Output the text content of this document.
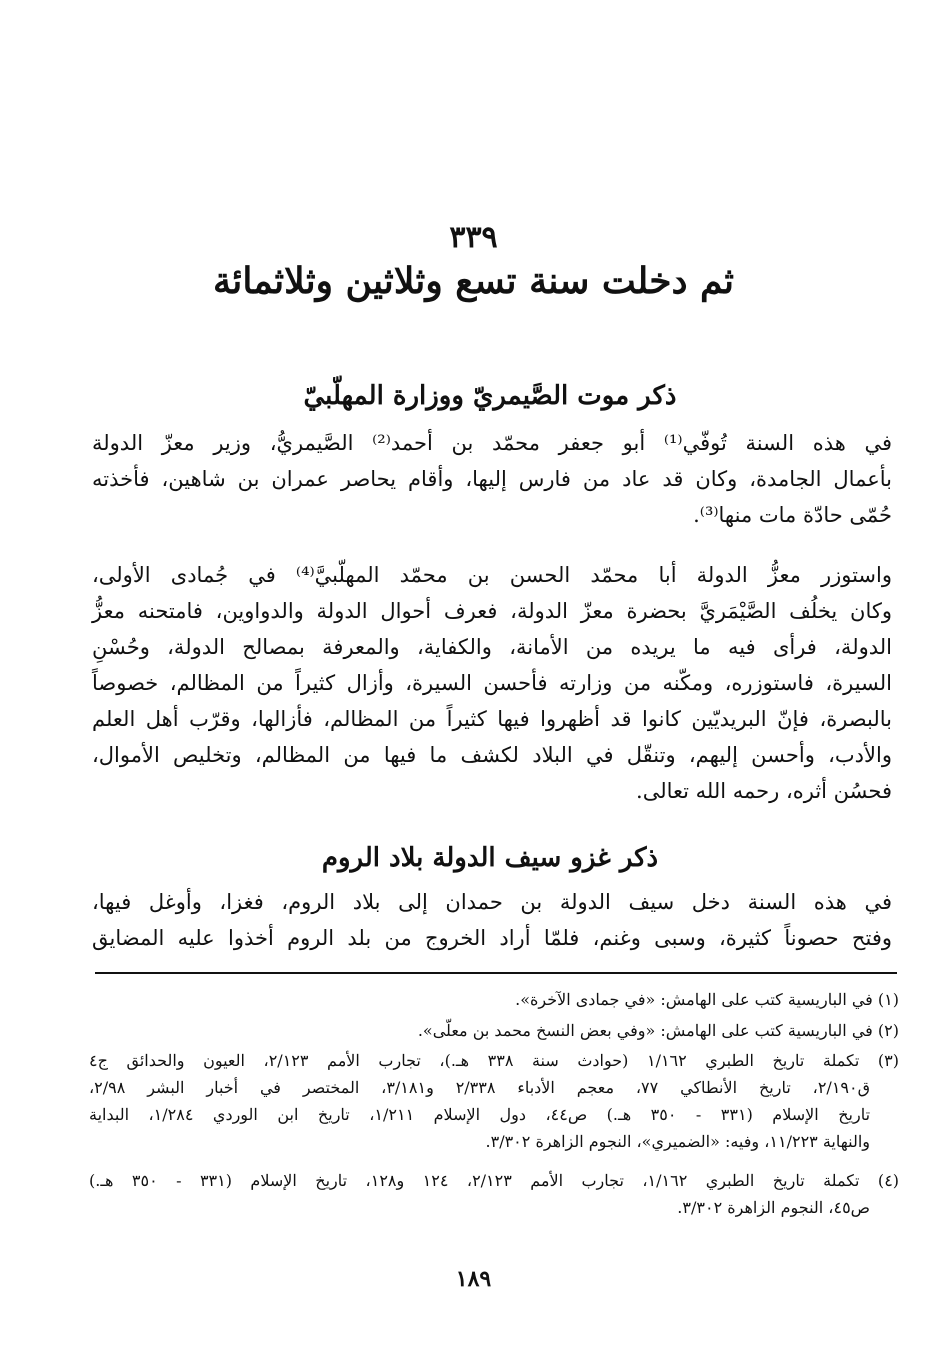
٣٣٩
ثم دخلت سنة تسع وثلاثين وثلاثمائة
ذكر موت الصَّيمريّ ووزارة المهلّبيّ
في هذه السنة تُوفّي⁽¹⁾ أبو جعفر محمّد بن أحمد⁽²⁾ الصَّيمريُّ، وزير معزّ الدولة
بأعمال الجامدة، وكان قد عاد من فارس إليها، وأقام يحاصر عمران بن شاهين، فأخذته
حُمّى حادّة مات منها⁽³⁾.
واستوزر معزُّ الدولة أبا محمّد الحسن بن محمّد المهلّبيَّ⁽⁴⁾ في جُمادى الأولى،
وكان يخلُف الصَّيْمَريَّ بحضرة معزّ الدولة، فعرف أحوال الدولة والدواوين، فامتحنه معزُّ
الدولة، فرأى فيه ما يريده من الأمانة، والكفاية، والمعرفة بمصالح الدولة، وحُسْنِ
السيرة، فاستوزره، ومكّنه من وزارته فأحسن السيرة، وأزال كثيراً من المظالم، خصوصاً
بالبصرة، فإنّ البريديّين كانوا قد أظهروا فيها كثيراً من المظالم، فأزالها، وقرّب أهل العلم
والأدب، وأحسن إليهم، وتنقّل في البلاد لكشف ما فيها من المظالم، وتخليص الأموال،
فحسُن أثره، رحمه الله تعالى.
ذكر غزو سيف الدولة بلاد الروم
في هذه السنة دخل سيف الدولة بن حمدان إلى بلاد الروم، فغزا، وأوغل فيها،
وفتح حصوناً كثيرة، وسبى وغنم، فلمّا أراد الخروج من بلد الروم أخذوا عليه المضايق
(١) في الباريسية كتب على الهامش: «في جمادى الآخرة».
(٢) في الباريسية كتب على الهامش: «وفي بعض النسخ محمد بن معلّى».
(٣) تكملة تاريخ الطبري ١/١٦٢ (حوادث سنة ٣٣٨ هـ.)، تجارب الأمم ٢/١٢٣، العيون والحدائق ج٤
ق٢/١٩٠، تاريخ الأنطاكي ٧٧، معجم الأدباء ٢/٣٣٨ و٣/١٨١، المختصر في أخبار البشر ٢/٩٨،
تاريخ الإسلام (٣٣١ - ٣٥٠ هـ.) ص٤٤، دول الإسلام ١/٢١١، تاريخ ابن الوردي ١/٢٨٤، البداية
والنهاية ١١/٢٢٣، وفيه: «الضميري»، النجوم الزاهرة ٣/٣٠٢.
(٤) تكملة تاريخ الطبري ١/١٦٢، تجارب الأمم ٢/١٢٣، ١٢٤ و١٢٨، تاريخ الإسلام (٣٣١ - ٣٥٠ هـ.)
ص٤٥، النجوم الزاهرة ٣/٣٠٢.
١٨٩
